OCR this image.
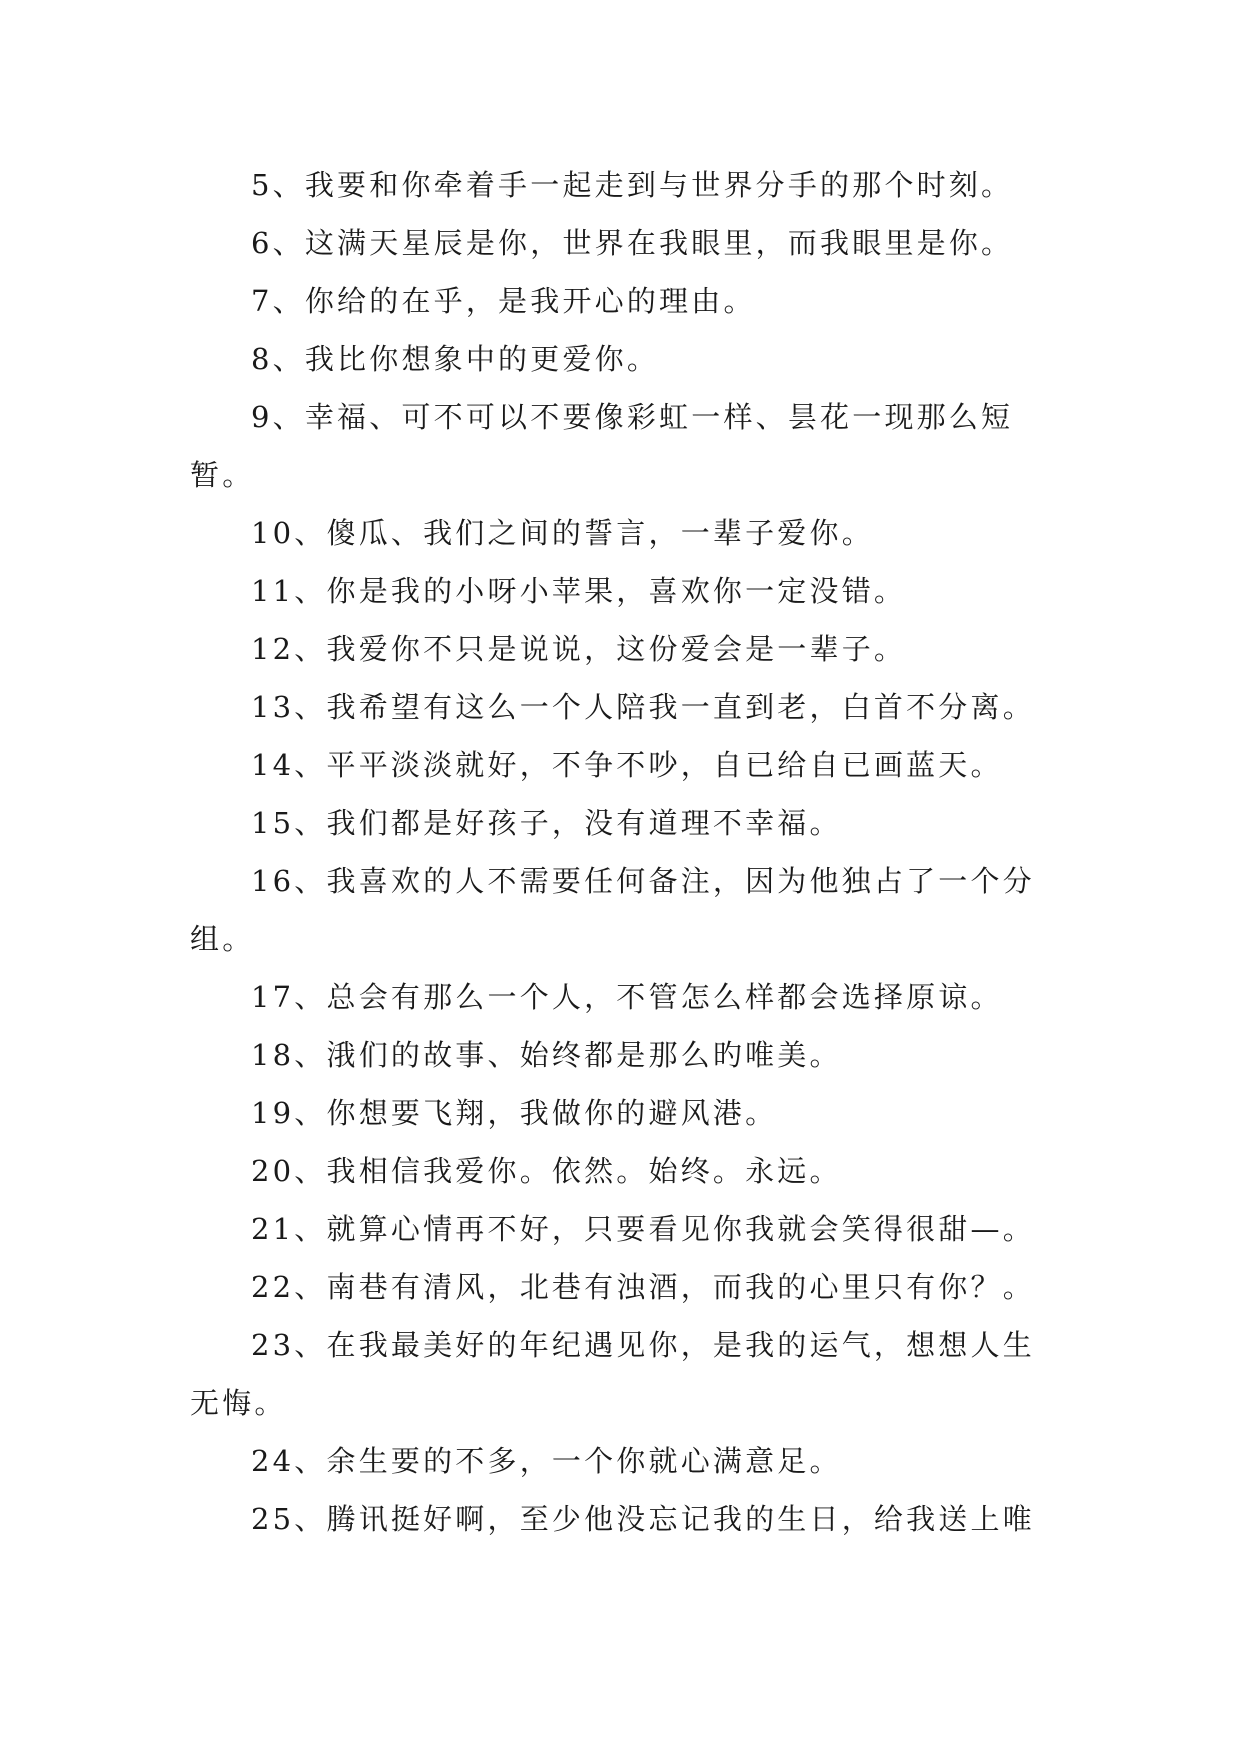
5、我要和你牵着手一起走到与世界分手的那个时刻。

6、这满天星辰是你，世界在我眼里，而我眼里是你。

7、你给的在乎，是我开心的理由。

8、我比你想象中的更爱你。

9、幸福、可不可以不要像彩虹一样、昙花一现那么短暂。

10、傻瓜、我们之间的誓言，一辈子爱你。

11、你是我的小呀小苹果，喜欢你一定没错。

12、我爱你不只是说说，这份爱会是一辈子。

13、我希望有这么一个人陪我一直到老，白首不分离。

14、平平淡淡就好，不争不吵，自已给自已画蓝天。

15、我们都是好孩子，没有道理不幸福。

16、我喜欢的人不需要任何备注，因为他独占了一个分组。

17、总会有那么一个人，不管怎么样都会选择原谅。

18、涐们的故事、始终都是那么旳唯美。

19、你想要飞翔，我做你的避风港。

20、我相信我爱你。依然。始终。永远。

21、就算心情再不好，只要看见你我就会笑得很甜—。

22、南巷有清风，北巷有浊酒，而我的心里只有你？。

23、在我最美好的年纪遇见你，是我的运气，想想人生无悔。

24、余生要的不多，一个你就心满意足。

25、腾讯挺好啊，至少他没忘记我的生日，给我送上唯
